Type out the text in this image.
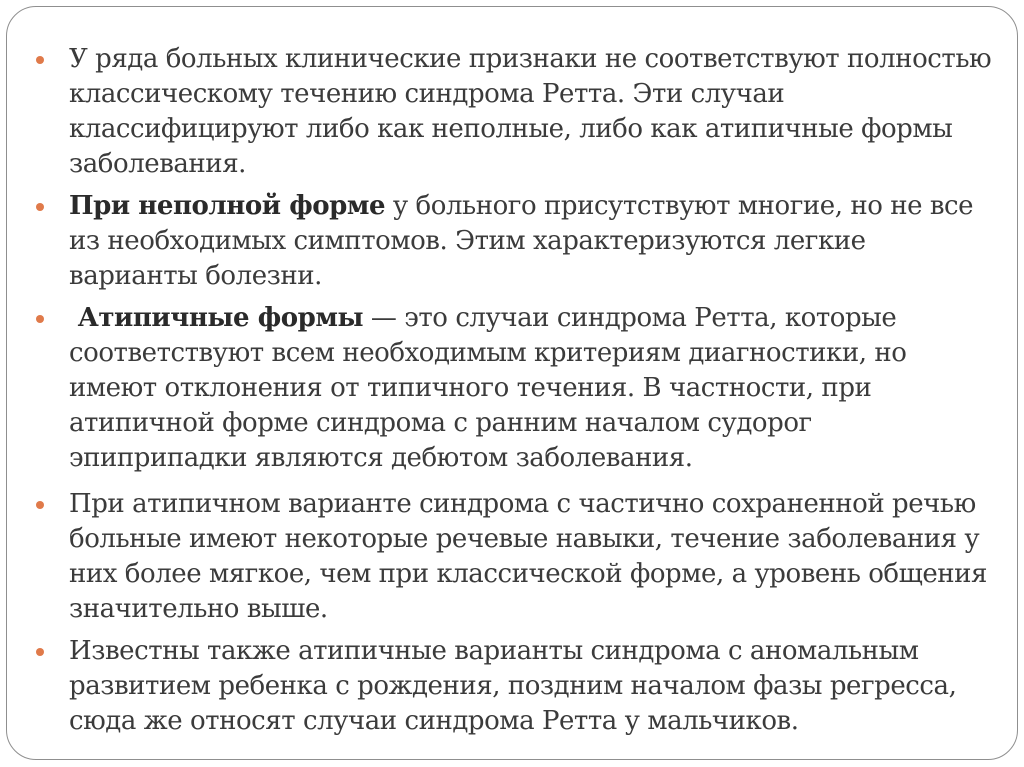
У ряда больных клинические признаки не соответствуют полностью классическому течению синдрома Ретта. Эти случаи классифицируют либо как неполные, либо как атипичные формы заболевания.
При неполной форме у больного присутствуют многие, но не все из необходимых симптомов. Этим характеризуются легкие варианты болезни.
Атипичные формы — это случаи синдрома Ретта, которые соответствуют всем необходимым критериям диагностики, но имеют отклонения от типичного течения. В частности, при атипичной форме синдрома с ранним началом судорог эпиприпадки являются дебютом заболевания.
При атипичном варианте синдрома с частично сохраненной речью больные имеют некоторые речевые навыки, течение заболевания у них более мягкое, чем при классической форме, а уровень общения значительно выше.
Известны также атипичные варианты синдрома с аномальным развитием ребенка с рождения, поздним началом фазы регресса, сюда же относят случаи синдрома Ретта у мальчиков.
